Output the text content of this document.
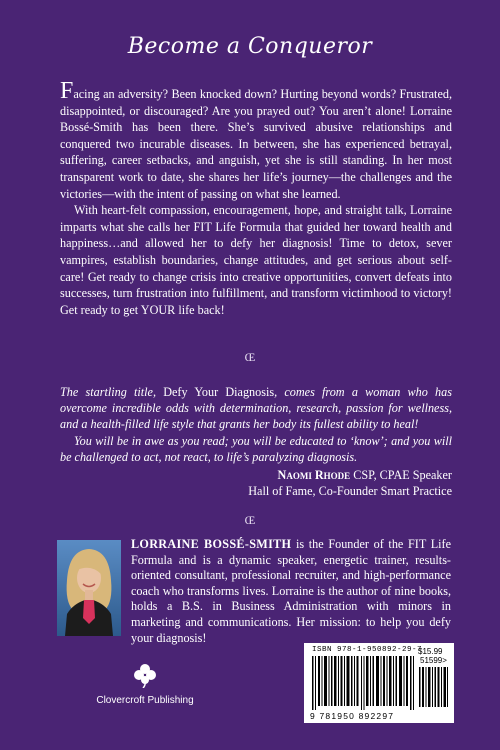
Become a Conqueror

Facing an adversity? Been knocked down? Hurting beyond words? Frustrated, disappointed, or discouraged? Are you prayed out? You aren’t alone! Lorraine Bossé-Smith has been there. She’s survived abusive relationships and conquered two incurable diseases. In between, she has experienced betrayal, suffering, career setbacks, and anguish, yet she is still standing. In her most transparent work to date, she shares her life’s journey—the challenges and the victories—with the intent of passing on what she learned.

With heart-felt compassion, encouragement, hope, and straight talk, Lorraine imparts what she calls her FIT Life Formula that guided her toward health and happiness…and allowed her to defy her diagnosis! Time to detox, sever vampires, establish boundaries, change attitudes, and get serious about self-care! Get ready to change crisis into creative opportunities, convert defeats into successes, turn frustration into fulfillment, and transform victimhood to victory! Get ready to get YOUR life back!

Œ

The startling title, Defy Your Diagnosis, comes from a woman who has overcome incredible odds with determination, research, passion for wellness, and a health-filled life style that grants her body its fullest ability to heal!

You will be in awe as you read; you will be educated to ‘know’; and you will be challenged to act, not react, to life’s paralyzing diagnosis.

Naomi Rhode CSP, CPAE Speaker
Hall of Fame, Co-Founder Smart Practice
Œ
LORRAINE BOSSÉ-SMITH is the Founder of the FIT Life Formula and is a dynamic speaker, energetic trainer, results-oriented consultant, professional recruiter, and high-performance coach who transforms lives. Lorraine is the author of nine books, holds a B.S. in Business Administration with minors in marketing and communications. Her mission: to help you defy your diagnosis!
Clovercroft Publishing
ISBN 978-1-950892-29-7
$15.99
51599>
9 781950 892297
